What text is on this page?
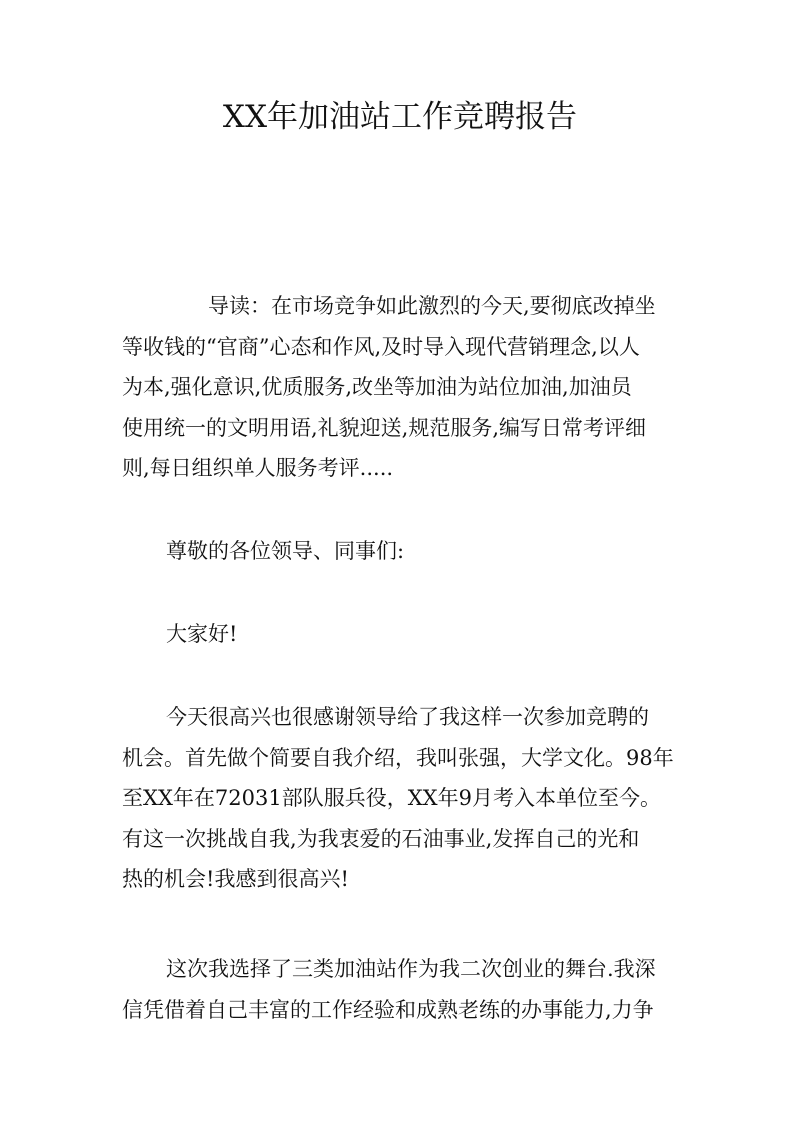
XX年加油站工作竞聘报告
导读：在市场竞争如此激烈的今天,要彻底改掉坐
等收钱的“官商”心态和作风,及时导入现代营销理念,以人
为本,强化意识,优质服务,改坐等加油为站位加油,加油员
使用统一的文明用语,礼貌迎送,规范服务,编写日常考评细
则,每日组织单人服务考评.....
尊敬的各位领导、同事们:
大家好!
今天很高兴也很感谢领导给了我这样一次参加竞聘的
机会。首先做个简要自我介绍，我叫张强，大学文化。98年
至XX年在72031部队服兵役，XX年9月考入本单位至今。
有这一次挑战自我,为我衷爱的石油事业,发挥自己的光和
热的机会!我感到很高兴!
这次我选择了三类加油站作为我二次创业的舞台.我深
信凭借着自己丰富的工作经验和成熟老练的办事能力,力争
